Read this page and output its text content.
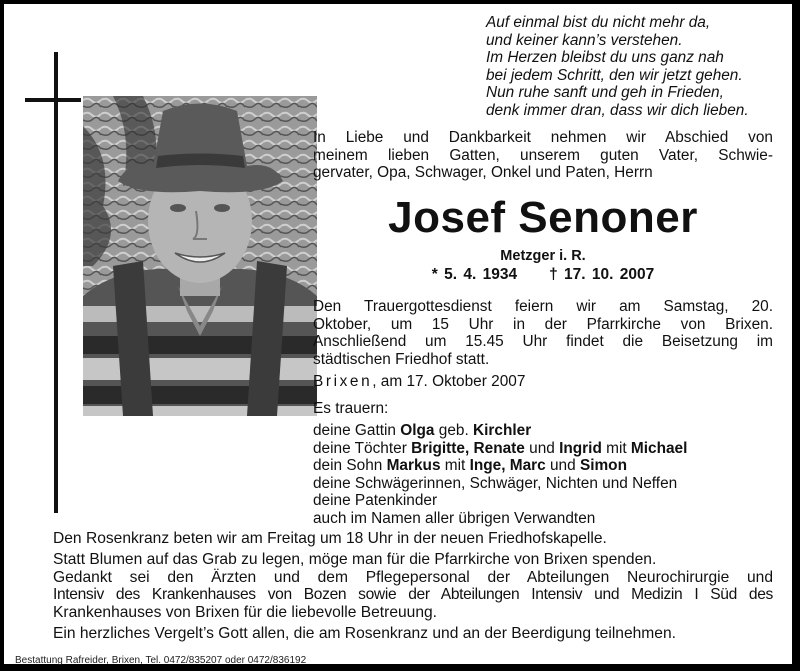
Auf einmal bist du nicht mehr da,
und keiner kann’s verstehen.
Im Herzen bleibst du uns ganz nah
bei jedem Schritt, den wir jetzt gehen.
Nun ruhe sanft und geh in Frieden,
denk immer dran, dass wir dich lieben.
In Liebe und Dankbarkeit nehmen wir Abschied von
meinem lieben Gatten, unserem guten Vater, Schwie-
gervater, Opa, Schwager, Onkel und Paten, Herrn
Josef Senoner
Metzger i. R.
* 5. 4. 1934 † 17. 10. 2007
Den Trauergottesdienst feiern wir am Samstag, 20.
Oktober, um 15 Uhr in der Pfarrkirche von Brixen.
Anschließend um 15.45 Uhr findet die Beisetzung im
städtischen Friedhof statt.
Brixen, am 17. Oktober 2007
Es trauern:
deine Gattin Olga geb. Kirchler
deine Töchter Brigitte, Renate und Ingrid mit Michael
dein Sohn Markus mit Inge, Marc und Simon
deine Schwägerinnen, Schwäger, Nichten und Neffen
deine Patenkinder
auch im Namen aller übrigen Verwandten
Den Rosenkranz beten wir am Freitag um 18 Uhr in der neuen Friedhofskapelle.
Statt Blumen auf das Grab zu legen, möge man für die Pfarrkirche von Brixen spenden.
Gedankt sei den Ärzten und dem Pflegepersonal der Abteilungen Neurochirurgie und
Intensiv des Krankenhauses von Bozen sowie der Abteilungen Intensiv und Medizin I Süd des
Krankenhauses von Brixen für die liebevolle Betreuung.
Ein herzliches Vergelt’s Gott allen, die am Rosenkranz und an der Beerdigung teilnehmen.
Bestattung Rafreider, Brixen, Tel. 0472/835207 oder 0472/836192
